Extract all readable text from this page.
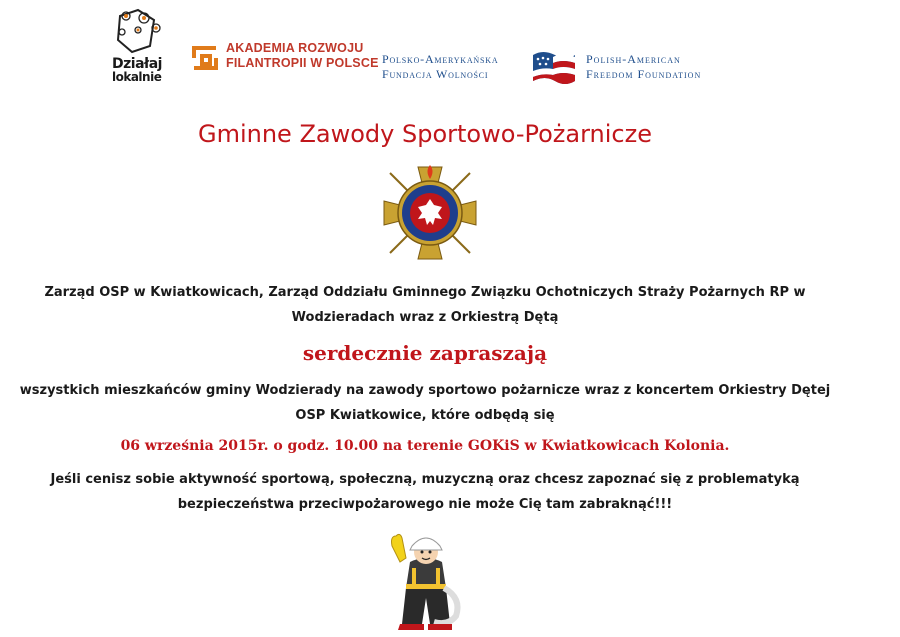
Działaj
lokalnie
AKADEMIA ROZWOJU
FILANTROPII W POLSCE Polsko-Amerykańska
Fundacja Wolności
Polish-American
Freedom Foundation
Gminne Zawody Sportowo-Pożarnicze
Zarząd OSP w Kwiatkowicach, Zarząd Oddziału Gminnego Związku Ochotniczych Straży Pożarnych RP w
Wodzieradach wraz z Orkiestrą Dętą
serdecznie zapraszają
wszystkich mieszkańców gminy Wodzierady na zawody sportowo pożarnicze wraz z koncertem Orkiestry Dętej
OSP Kwiatkowice, które odbędą się
06 września 2015r. o godz. 10.00 na terenie GOKiS w Kwiatkowicach Kolonia.
Jeśli cenisz sobie aktywność sportową, społeczną, muzyczną oraz chcesz zapoznać się z problematyką
bezpieczeństwa przeciwpożarowego nie może Cię tam zabraknąć!!!
